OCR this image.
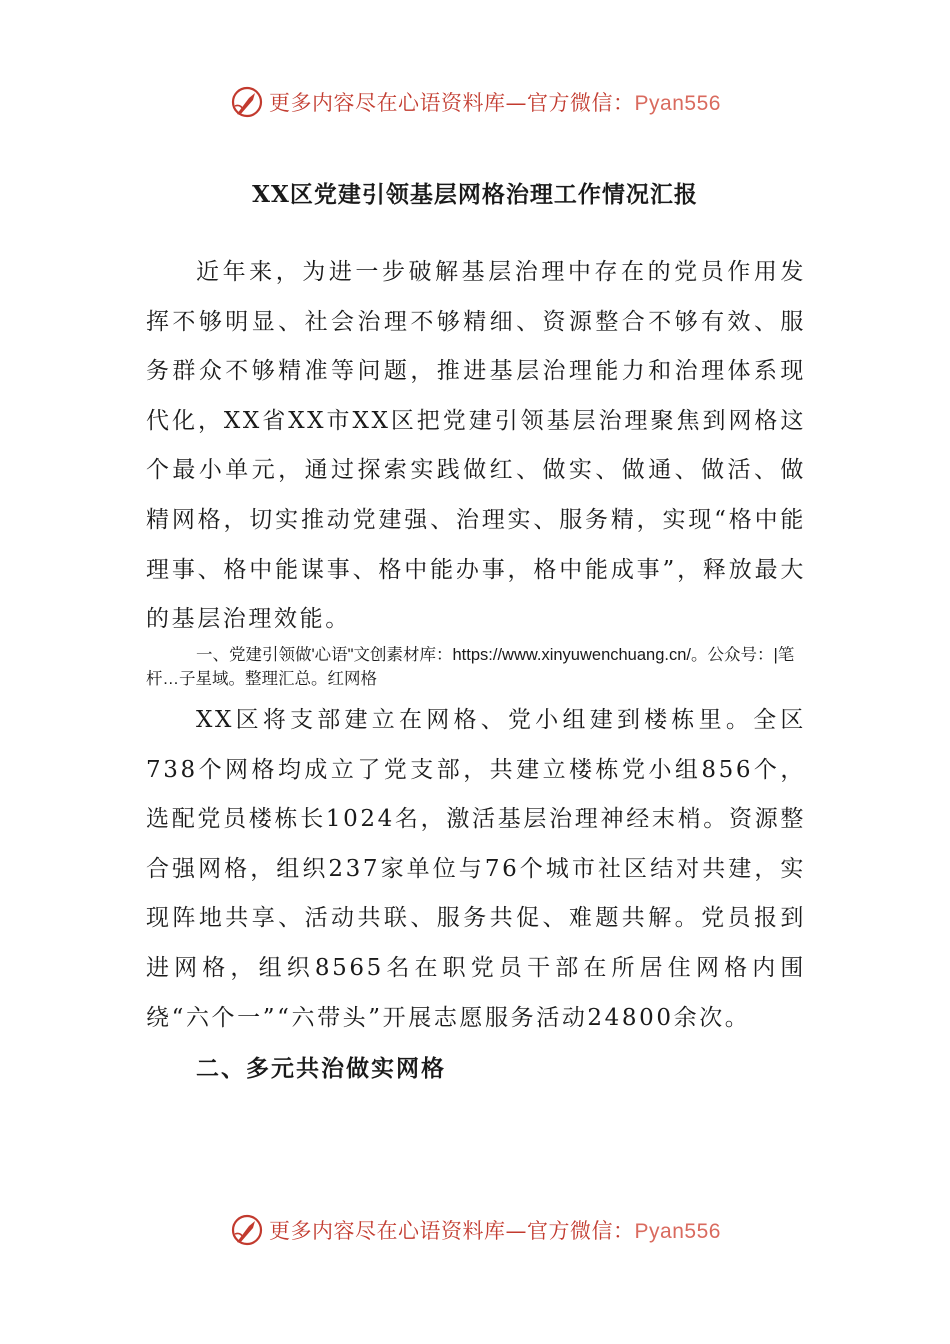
更多内容尽在心语资料库—官方微信：Pyan556
XX区党建引领基层网格治理工作情况汇报

近年来，为进一步破解基层治理中存在的党员作用发挥不够明显、社会治理不够精细、资源整合不够有效、服务群众不够精准等问题，推进基层治理能力和治理体系现代化，XX省XX市XX区把党建引领基层治理聚焦到网格这个最小单元，通过探索实践做红、做实、做通、做活、做精网格，切实推动党建强、治理实、服务精，实现“格中能理事、格中能谋事、格中能办事，格中能成事”，释放最大的基层治理效能。

一、党建引领做'心语"文创素材库：https://www.xinyuwenchuang.cn/。公众号：|笔杆…子星域。整理汇总。红网格

XX区将支部建立在网格、党小组建到楼栋里。全区738个网格均成立了党支部，共建立楼栋党小组856个，选配党员楼栋长1024名，激活基层治理神经末梢。资源整合强网格，组织237家单位与76个城市社区结对共建，实现阵地共享、活动共联、服务共促、难题共解。党员报到进网格，组织8565名在职党员干部在所居住网格内围绕“六个一”“六带头”开展志愿服务活动24800余次。

二、多元共治做实网格
更多内容尽在心语资料库—官方微信：Pyan556
